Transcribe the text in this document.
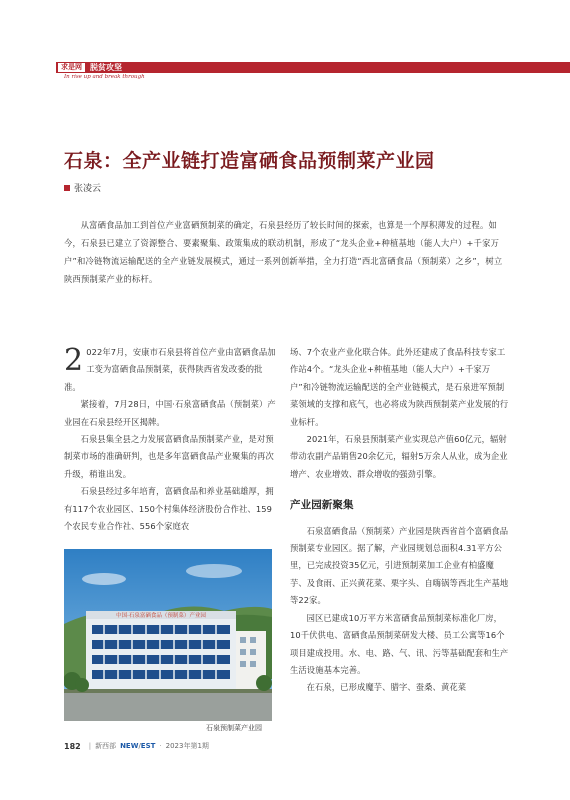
求是网	脱贫攻坚
In rise up and break through
石泉：全产业链打造富硒食品预制菜产业园
张凌云
从富硒食品加工到首位产业富硒预制菜的确定，石泉县经历了较长时间的探索，也算是一个厚积薄发的过程。如今，石泉县已建立了资源整合、要素聚集、政策集成的联动机制，形成了“龙头企业+种植基地（能人大户）+千家万户”和冷链物流运输配送的全产业链发展模式，通过一系列创新举措，全力打造“西北富硒食品（预制菜）之乡”，树立陕西预制菜产业的标杆。

2 022年7月，安康市石泉县将首位产业由富硒食品加工变为富硒食品预制菜，获得陕西省发改委的批准。

紧接着，7月28日，中国·石泉富硒食品（预制菜）产业园在石泉县经开区揭牌。

石泉县集全县之力发展富硒食品预制菜产业，是对预制菜市场的准确研判，也是多年富硒食品产业聚集的再次升级，稍谁出发。

石泉县经过多年培育，富硒食品和养业基础雄厚，拥有117个农业园区、150个村集体经济股份合作社、159个农民专业合作社、556个家庭农

中国·石泉富硒食品（预制菜）产业园
石泉预制菜产业园

场、7个农业产业化联合体。此外还建成了食品科技专家工作站4个。“龙头企业+种植基地（能人大户）+千家万户”和冷链物流运输配送的全产业链模式，是石泉进军预制菜领域的支撑和底气，也必将成为陕西预制菜产业发展的行业标杆。

2021年，石泉县预制菜产业实现总产值60亿元，辐射带动农副产品销售20余亿元，辐射5万余人从业，成为企业增产、农业增效、群众增收的强劲引擎。

产业园新聚集

石泉富硒食品（预制菜）产业园是陕西省首个富硒食品预制菜专业园区。据了解，产业园规划总面积4.31平方公里，已完成投资35亿元，引进预制菜加工企业有柏盛魔芋、及食雨、正兴黄花菜、栗字头、自嗨锅等西北生产基地等22家。

园区已建成10万平方米富硒食品预制菜标准化厂房，10千伏供电、富硒食品预制菜研发大楼、员工公寓等16个项目建成投用。水、电、路、气、讯、污等基础配套和生产生活设施基本完善。

在石泉，已形成魔芋、腊字、蚕桑、黄花菜

182 | 新西部 NEW/EST · 2023年第1期
